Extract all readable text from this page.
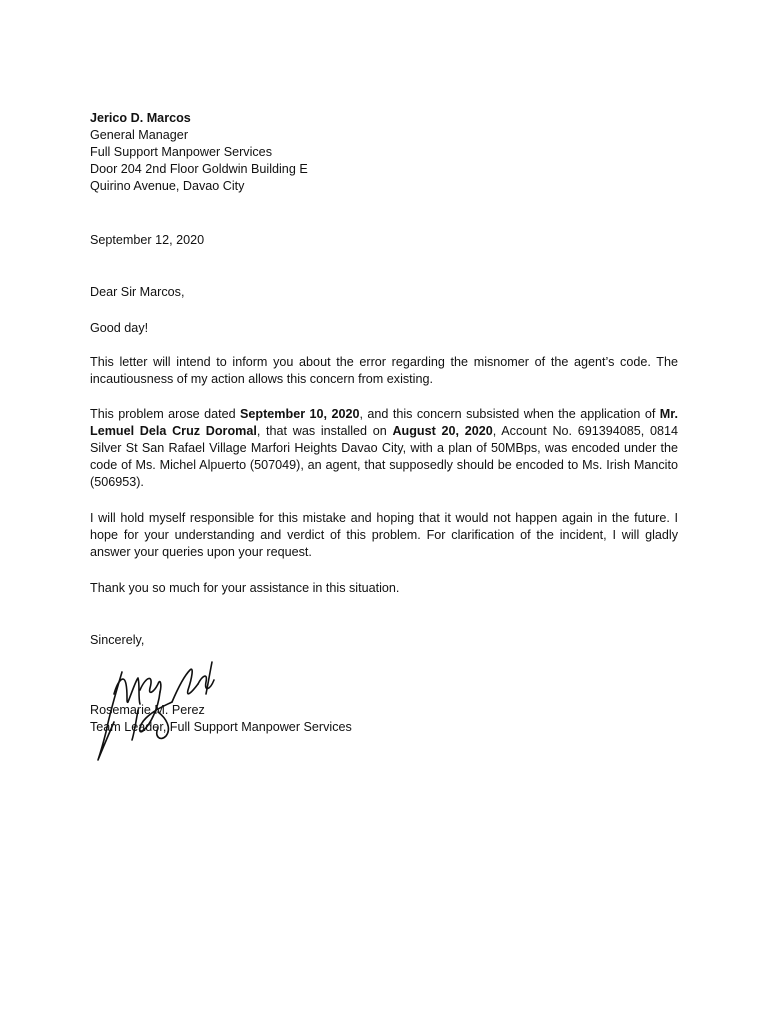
Jerico D. Marcos
General Manager
Full Support Manpower Services
Door 204 2nd Floor Goldwin Building E
Quirino Avenue, Davao City
September 12, 2020
Dear Sir Marcos,
Good day!
This letter will intend to inform you about the error regarding the misnomer of the agent’s code. The incautiousness of my action allows this concern from existing.
This problem arose dated September 10, 2020, and this concern subsisted when the application of Mr. Lemuel Dela Cruz Doromal, that was installed on August 20, 2020, Account No. 691394085, 0814 Silver St San Rafael Village Marfori Heights Davao City, with a plan of 50MBps, was encoded under the code of Ms. Michel Alpuerto (507049), an agent, that supposedly should be encoded to Ms. Irish Mancito (506953).
I will hold myself responsible for this mistake and hoping that it would not happen again in the future. I hope for your understanding and verdict of this problem. For clarification of the incident, I will gladly answer your queries upon your request.
Thank you so much for your assistance in this situation.
Sincerely,
Rosemarie M. Perez
Team Leader, Full Support Manpower Services
